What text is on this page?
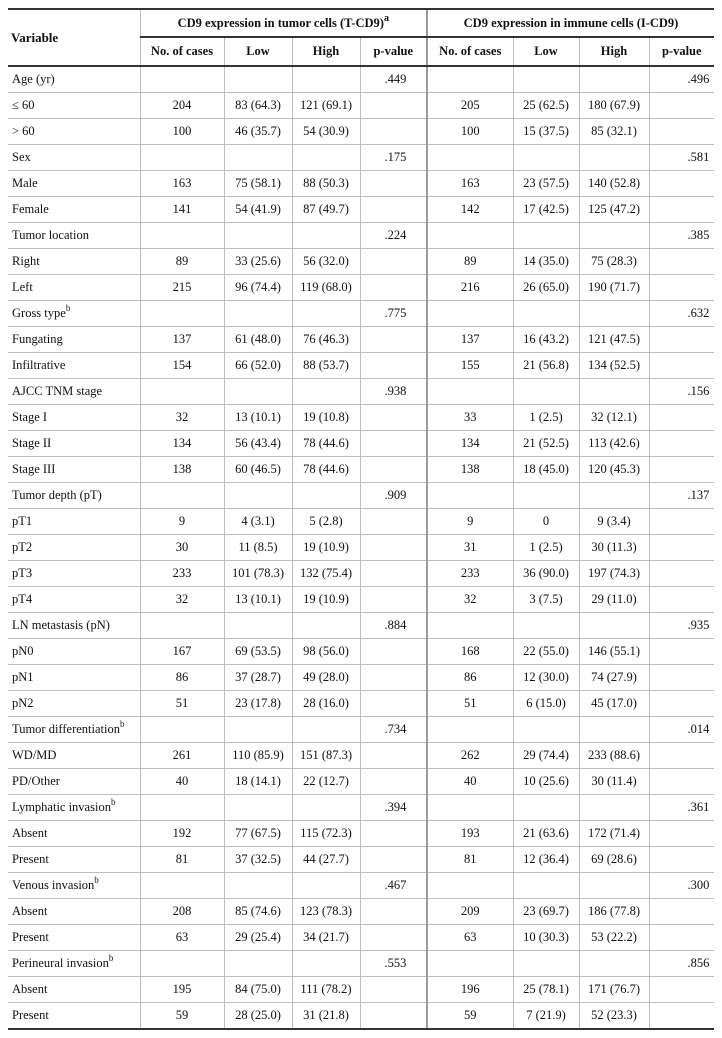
Variable	CD9 expression in tumor cells $(T-CD9)^a$				CD9 expression in immune cells (I-CD9)			
	No. of cases	Low	High	p-value	No. of cases	Low	High	p-value
Age (yr)				.449				.496
≤ 60	204	83 (64.3)	121 (69.1)		205	25 (62.5)	180 (67.9)	
> 60	100	46 (35.7)	54 (30.9)		100	15 (37.5)	85 (32.1)	
Sex				.175				.581
Male	163	75 (58.1)	88 (50.3)		163	23 (57.5)	140 (52.8)	
Female	141	54 (41.9)	87 (49.7)		142	17 (42.5)	125 (47.2)	
Tumor location				.224				.385
Right	89	33 (25.6)	56 (32.0)		89	14 (35.0)	75 (28.3)	
Left	215	96 (74.4)	119 (68.0)		216	26 (65.0)	190 (71.7)	
Gross type$^b$				.775				.632
Fungating	137	61 (48.0)	76 (46.3)		137	16 (43.2)	121 (47.5)	
Infiltrative	154	66 (52.0)	88 (53.7)		155	21 (56.8)	134 (52.5)	
AJCC TNM stage				.938				.156
Stage I	32	13 (10.1)	19 (10.8)		33	1 (2.5)	32 (12.1)	
Stage II	134	56 (43.4)	78 (44.6)		134	21 (52.5)	113 (42.6)	
Stage III	138	60 (46.5)	78 (44.6)		138	18 (45.0)	120 (45.3)	
Tumor depth (pT)				.909				.137
pT1	9	4 (3.1)	5 (2.8)		9	0	9 (3.4)	
pT2	30	11 (8.5)	19 (10.9)		31	1 (2.5)	30 (11.3)	
pT3	233	101 (78.3)	132 (75.4)		233	36 (90.0)	197 (74.3)	
pT4	32	13 (10.1)	19 (10.9)		32	3 (7.5)	29 (11.0)	
LN metastasis (pN)				.884				.935
pN0	167	69 (53.5)	98 (56.0)		168	22 (55.0)	146 (55.1)	
pN1	86	37 (28.7)	49 (28.0)		86	12 (30.0)	74 (27.9)	
pN2	51	23 (17.8)	28 (16.0)		51	6 (15.0)	45 (17.0)	
Tumor differentiation$^b$				.734				.014
WD/MD	261	110 (85.9)	151 (87.3)		262	29 (74.4)	233 (88.6)	
PD/Other	40	18 (14.1)	22 (12.7)		40	10 (25.6)	30 (11.4)	
Lymphatic invasion$^b$				.394				.361
Absent	192	77 (67.5)	115 (72.3)		193	21 (63.6)	172 (71.4)	
Present	81	37 (32.5)	44 (27.7)		81	12 (36.4)	69 (28.6)	
Venous invasion$^b$				.467				.300
Absent	208	85 (74.6)	123 (78.3)		209	23 (69.7)	186 (77.8)	
Present	63	29 (25.4)	34 (21.7)		63	10 (30.3)	53 (22.2)	
Perineural invasion$^b$				.553				.856
Absent	195	84 (75.0)	111 (78.2)		196	25 (78.1)	171 (76.7)	
Present	59	28 (25.0)	31 (21.8)		59	7 (21.9)	52 (23.3)	
